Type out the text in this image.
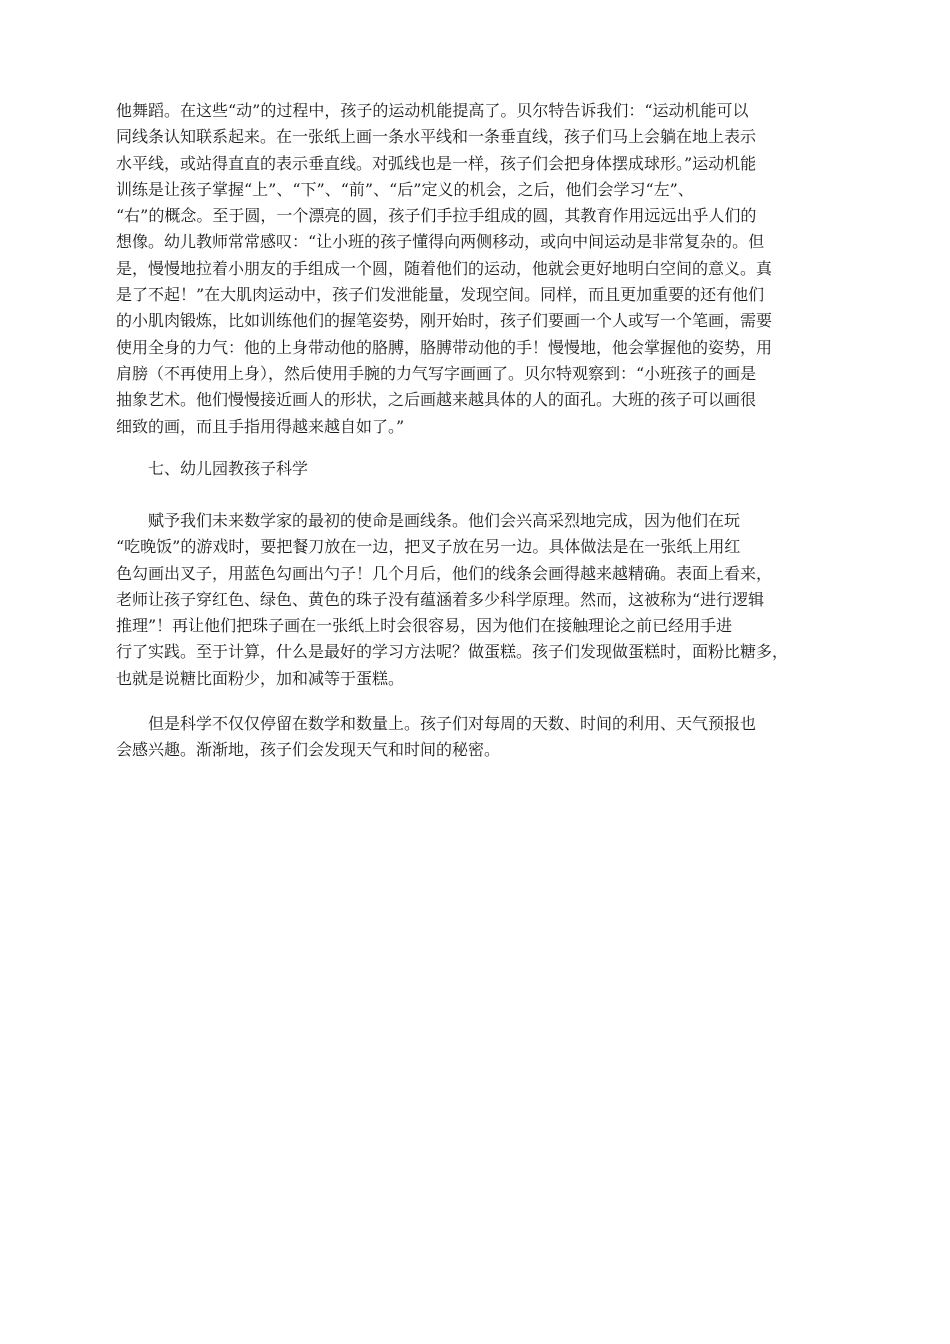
他舞蹈。在这些“动”的过程中，孩子的运动机能提高了。贝尔特告诉我们：“运动机能可以
同线条认知联系起来。在一张纸上画一条水平线和一条垂直线，孩子们马上会躺在地上表示
水平线，或站得直直的表示垂直线。对弧线也是一样，孩子们会把身体摆成球形。”运动机能
训练是让孩子掌握“上”、“下”、“前”、“后”定义的机会，之后，他们会学习“左”、
“右”的概念。至于圆，一个漂亮的圆，孩子们手拉手组成的圆，其教育作用远远出乎人们的
想像。幼儿教师常常感叹：“让小班的孩子懂得向两侧移动，或向中间运动是非常复杂的。但
是，慢慢地拉着小朋友的手组成一个圆，随着他们的运动，他就会更好地明白空间的意义。真
是了不起！”在大肌肉运动中，孩子们发泄能量，发现空间。同样，而且更加重要的还有他们
的小肌肉锻炼，比如训练他们的握笔姿势，刚开始时，孩子们要画一个人或写一个笔画，需要
使用全身的力气：他的上身带动他的胳膊，胳膊带动他的手！慢慢地，他会掌握他的姿势，用
肩膀（不再使用上身），然后使用手腕的力气写字画画了。贝尔特观察到：“小班孩子的画是
抽象艺术。他们慢慢接近画人的形状，之后画越来越具体的人的面孔。大班的孩子可以画很
细致的画，而且手指用得越来越自如了。”
七、幼儿园教孩子科学
赋予我们未来数学家的最初的使命是画线条。他们会兴高采烈地完成，因为他们在玩
“吃晚饭”的游戏时，要把餐刀放在一边，把叉子放在另一边。具体做法是在一张纸上用红
色勾画出叉子，用蓝色勾画出勺子！几个月后，他们的线条会画得越来越精确。表面上看来，
老师让孩子穿红色、绿色、黄色的珠子没有蕴涵着多少科学原理。然而，这被称为“进行逻辑
推理”！再让他们把珠子画在一张纸上时会很容易，因为他们在接触理论之前已经用手进
行了实践。至于计算，什么是最好的学习方法呢？做蛋糕。孩子们发现做蛋糕时，面粉比糖多，
也就是说糖比面粉少，加和减等于蛋糕。
但是科学不仅仅停留在数学和数量上。孩子们对每周的天数、时间的利用、天气预报也
会感兴趣。渐渐地，孩子们会发现天气和时间的秘密。
